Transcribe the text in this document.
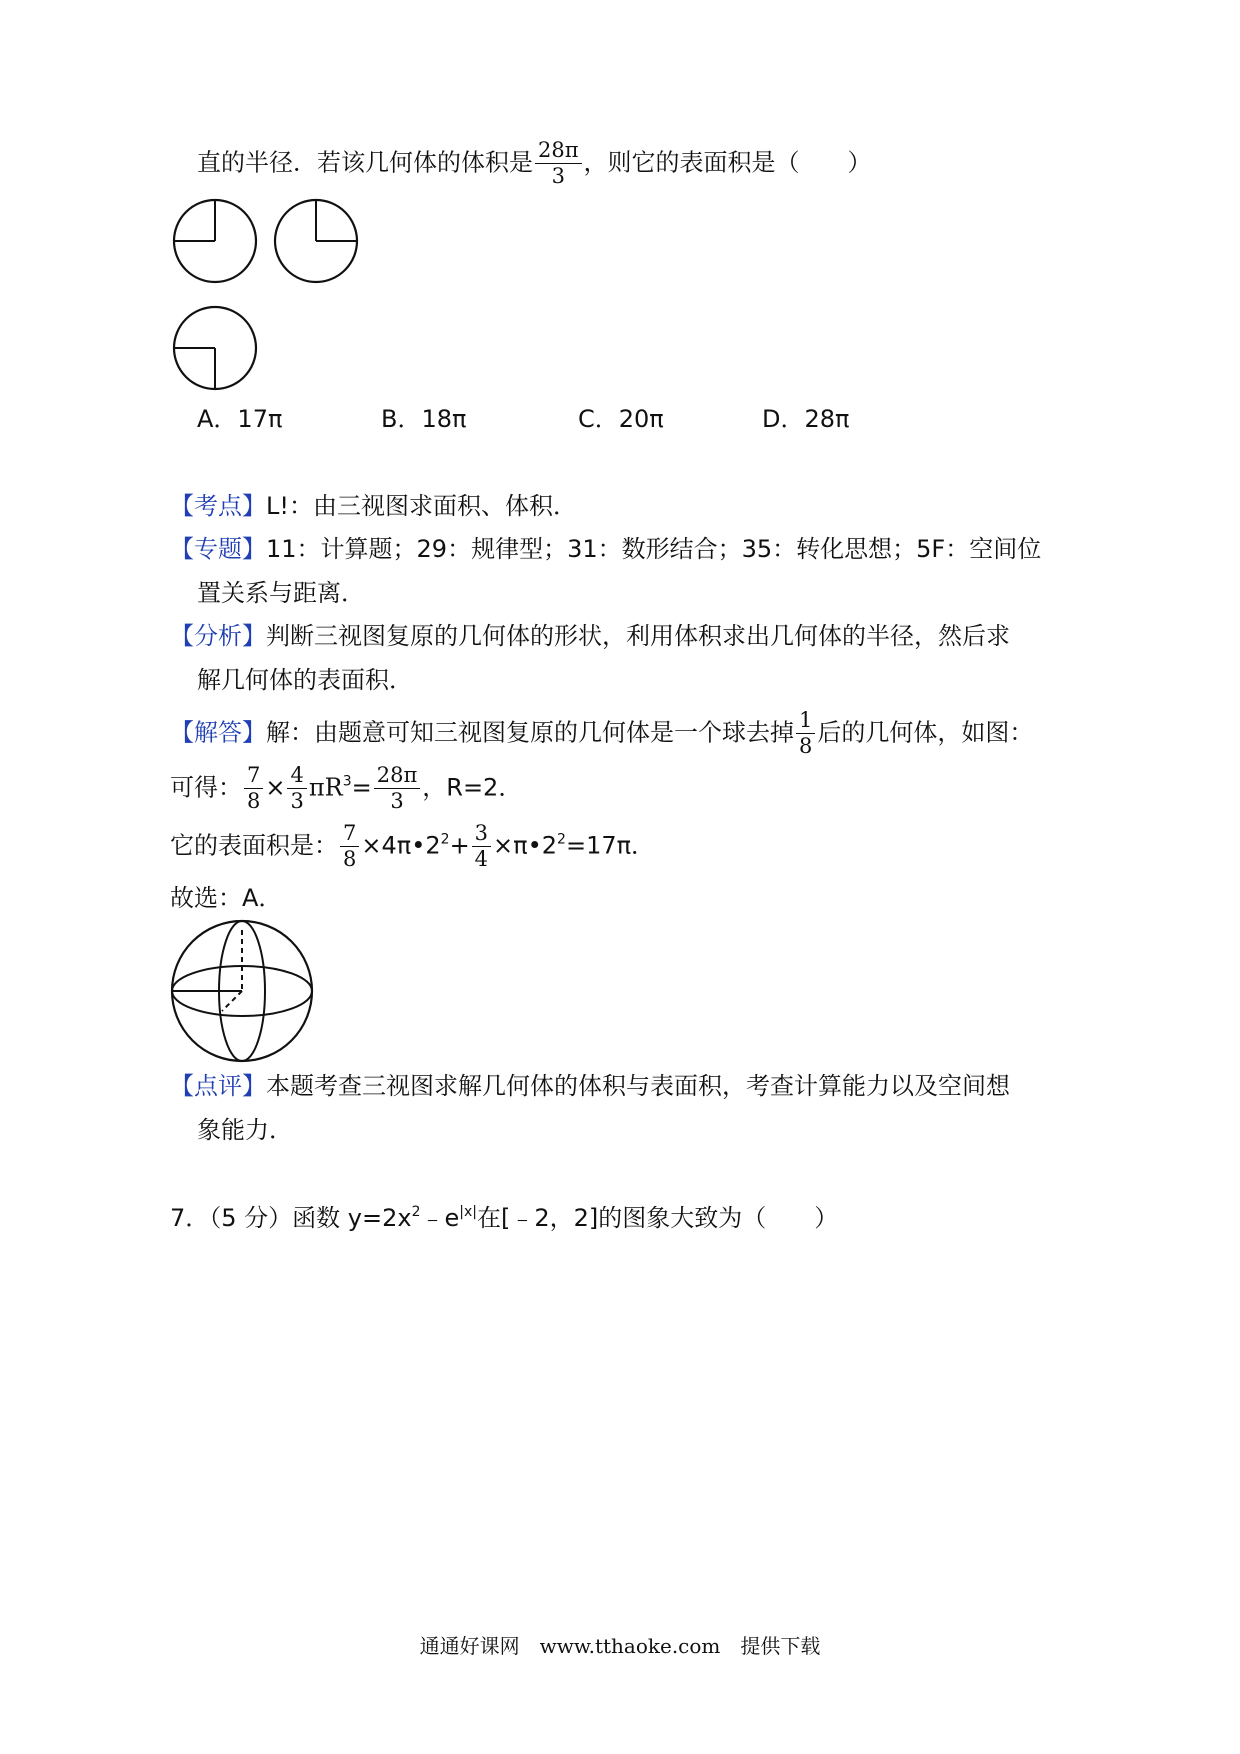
直的半径．若该几何体的体积是 $\frac{28\pi}{3}$ ，则它的表面积是（　　）
A．17π	B．18π	C．20π	D．28π
【考点】L!：由三视图求面积、体积．
【专题】11：计算题；29：规律型；31：数形结合；35：转化思想；5F：空间位
置关系与距离．
【分析】判断三视图复原的几何体的形状，利用体积求出几何体的半径，然后求
解几何体的表面积．
【解答】解：由题意可知三视图复原的几何体是一个球去掉 $\frac{1}{8}$ 后的几何体，如图：
可得： $\frac{7}{8} \times \frac{4}{3} \pi R^3= \frac{28\pi}{3}$ ，R=2．
它的表面积是： $\frac{7}{8}$ $\times 4\pi•2^2+ \frac{3}{4}$ $\times\pi•2^2=17\pi$．
故选：A．
【点评】本题考查三视图求解几何体的体积与表面积，考查计算能力以及空间想
象能力．
7．（5 分）函数 $y=2x^2﹣e^{|x|}$在[﹣2，2]的图象大致为（　　）
通通好课网　www.tthaoke.com　提供下载
